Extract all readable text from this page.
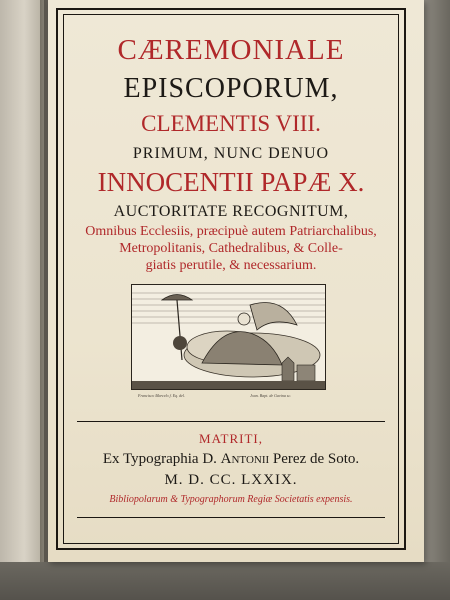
CÆREMONIALE
EPISCOPORUM,
CLEMENTIS VIII.
PRIMUM, NUNC DENUO
INNOCENTII PAPÆ X.
AUCTORITATE RECOGNITUM,
Omnibus Ecclesiis, præcipuè autem Patriarchalibus,
Metropolitanis, Cathedralibus, & Colle-
giatis perutile, & necessarium.
Francisco Marcelo f. Eq. del.	Joan. Bapt. de Gavina sc.
MATRITI,
Ex Typographia D. Antonii Perez de Soto.
M. D. CC. LXXIX.
Bibliopolarum & Typographorum Regiæ Societatis expensis.
